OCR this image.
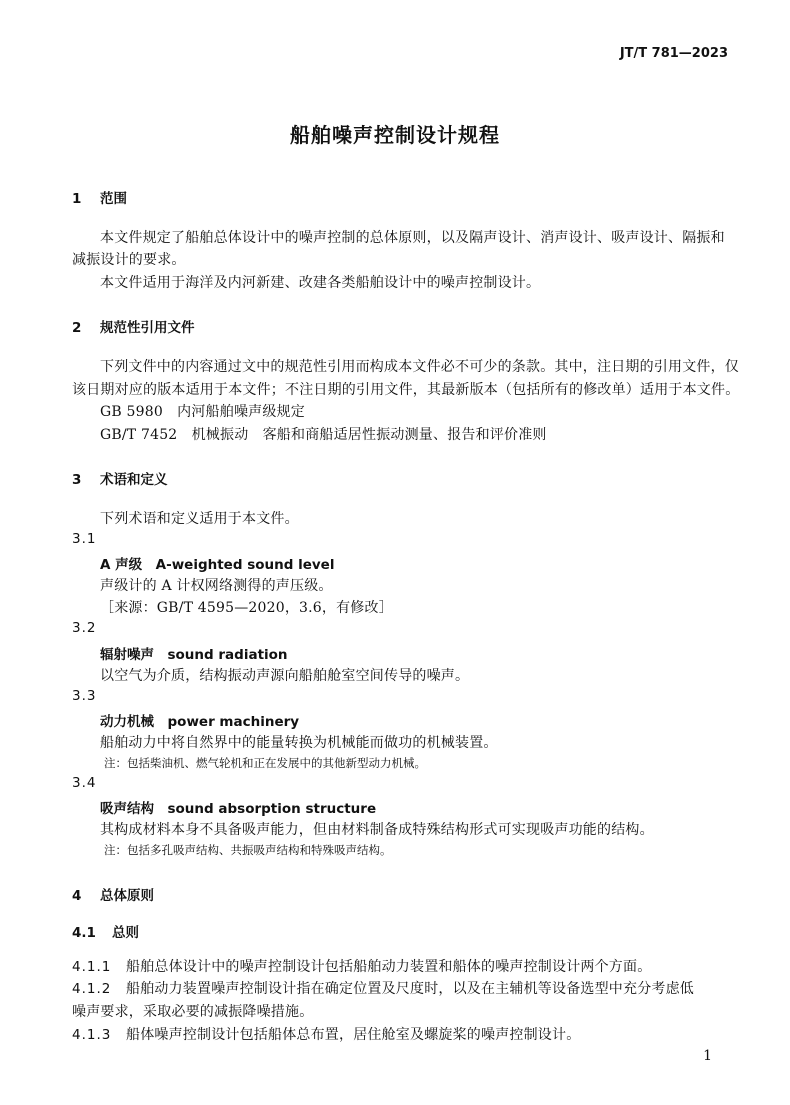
JT/T 781—2023
船舶噪声控制设计规程
1 范围
本文件规定了船舶总体设计中的噪声控制的总体原则，以及隔声设计、消声设计、吸声设计、隔振和
减振设计的要求。
本文件适用于海洋及内河新建、改建各类船舶设计中的噪声控制设计。
2 规范性引用文件
下列文件中的内容通过文中的规范性引用而构成本文件必不可少的条款。其中，注日期的引用文件，仅
该日期对应的版本适用于本文件；不注日期的引用文件，其最新版本（包括所有的修改单）适用于本文件。
GB 5980　 内河船舶噪声级规定
GB/T 7452　 机械振动　客船和商船适居性振动测量、报告和评价准则
3 术语和定义
下列术语和定义适用于本文件。
3.1
A 声级　A-weighted sound level
声级计的 A 计权网络测得的声压级。
［来源：GB/T 4595—2020，3.6，有修改］
3.2
辐射噪声　sound radiation
以空气为介质，结构振动声源向船舶舱室空间传导的噪声。
3.3
动力机械　power machinery
船舶动力中将自然界中的能量转换为机械能而做功的机械装置。
注：包括柴油机、燃气轮机和正在发展中的其他新型动力机械。
3.4
吸声结构　sound absorption structure
其构成材料本身不具备吸声能力，但由材料制备成特殊结构形式可实现吸声功能的结构。
注：包括多孔吸声结构、共振吸声结构和特殊吸声结构。
4 总体原则
4.1 总则
4.1.1 船舶总体设计中的噪声控制设计包括船舶动力装置和船体的噪声控制设计两个方面。
4.1.2 船舶动力装置噪声控制设计指在确定位置及尺度时，以及在主辅机等设备选型中充分考虑低
噪声要求，采取必要的减振降噪措施。
4.1.3 船体噪声控制设计包括船体总布置，居住舱室及螺旋桨的噪声控制设计。
1
